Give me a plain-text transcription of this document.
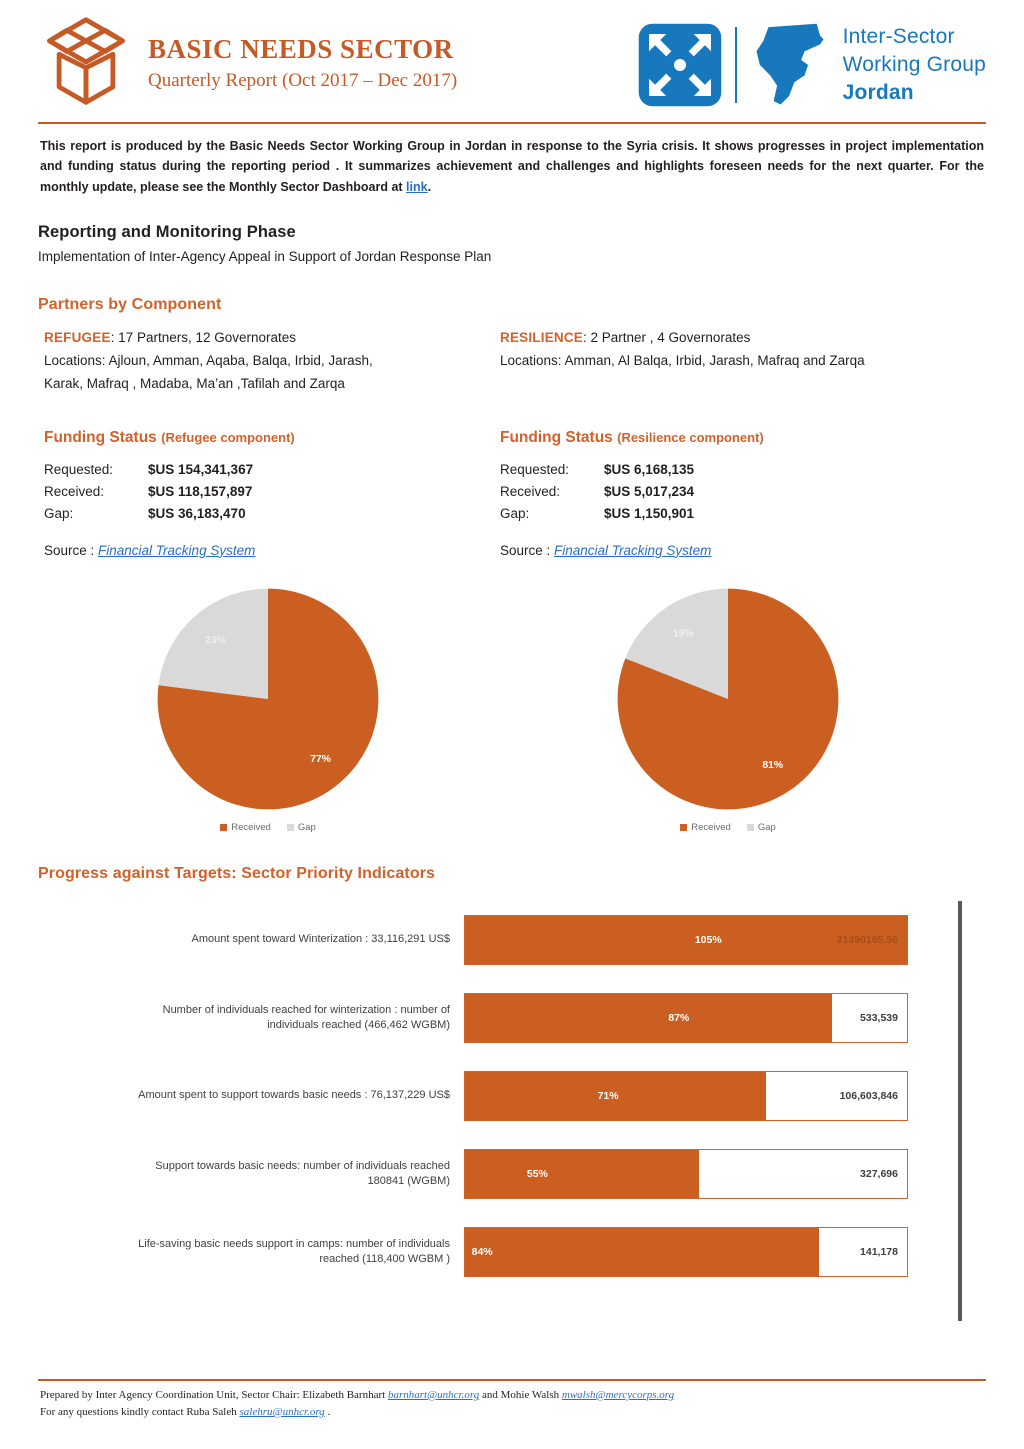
BASIC NEEDS SECTOR
Quarterly Report (Oct 2017 – Dec 2017)
Inter-Sector
Working Group
Jordan

This report is produced by the Basic Needs Sector Working Group in Jordan in response to the Syria crisis. It shows progresses in project implementation and funding status during the reporting period . It summarizes achievement and challenges and highlights foreseen needs for the next quarter. For the monthly update, please see the Monthly Sector Dashboard at link.

Reporting and Monitoring Phase
Implementation of Inter-Agency Appeal in Support of Jordan Response Plan
Partners by Component
REFUGEE: 17 Partners, 12 Governorates
Locations: Ajloun, Amman, Aqaba, Balqa, Irbid, Jarash,
Karak, Mafraq , Madaba, Ma’an ,Tafilah and Zarqa
RESILIENCE: 2 Partner , 4 Governorates
Locations: Amman, Al Balqa, Irbid, Jarash, Mafraq and Zarqa
Funding Status (Refugee component)
Requested:	$US 154,341,367
Received:	$US 118,157,897
Gap:	$US 36,183,470
Source : Financial Tracking System
Funding Status (Resilience component)
Requested:	$US 6,168,135
Received:	$US 5,017,234
Gap:	$US 1,150,901
Source : Financial Tracking System
77%
23%
Received	Gap
81%
19%
Received	Gap
Progress against Targets: Sector Priority Indicators
Amount spent toward Winterization : 33,116,291 US$	105%	31490165.56
Number of individuals reached for winterization : number of
individuals reached (466,462 WGBM)
87%	533,539
Amount spent to support towards basic needs : 76,137,229 US$	71%	106,603,846
Support towards basic needs: number of individuals reached
180841 (WGBM)
55%	327,696
Life-saving basic needs support in camps: number of individuals
reached (118,400 WGBM )
84%	141,178
Prepared by Inter Agency Coordination Unit, Sector Chair: Elizabeth Barnhart barnhart@unhcr.org and Mohie Walsh mwalsh@mercycorps.org
For any questions kindly contact Ruba Saleh salehru@unhcr.org .
